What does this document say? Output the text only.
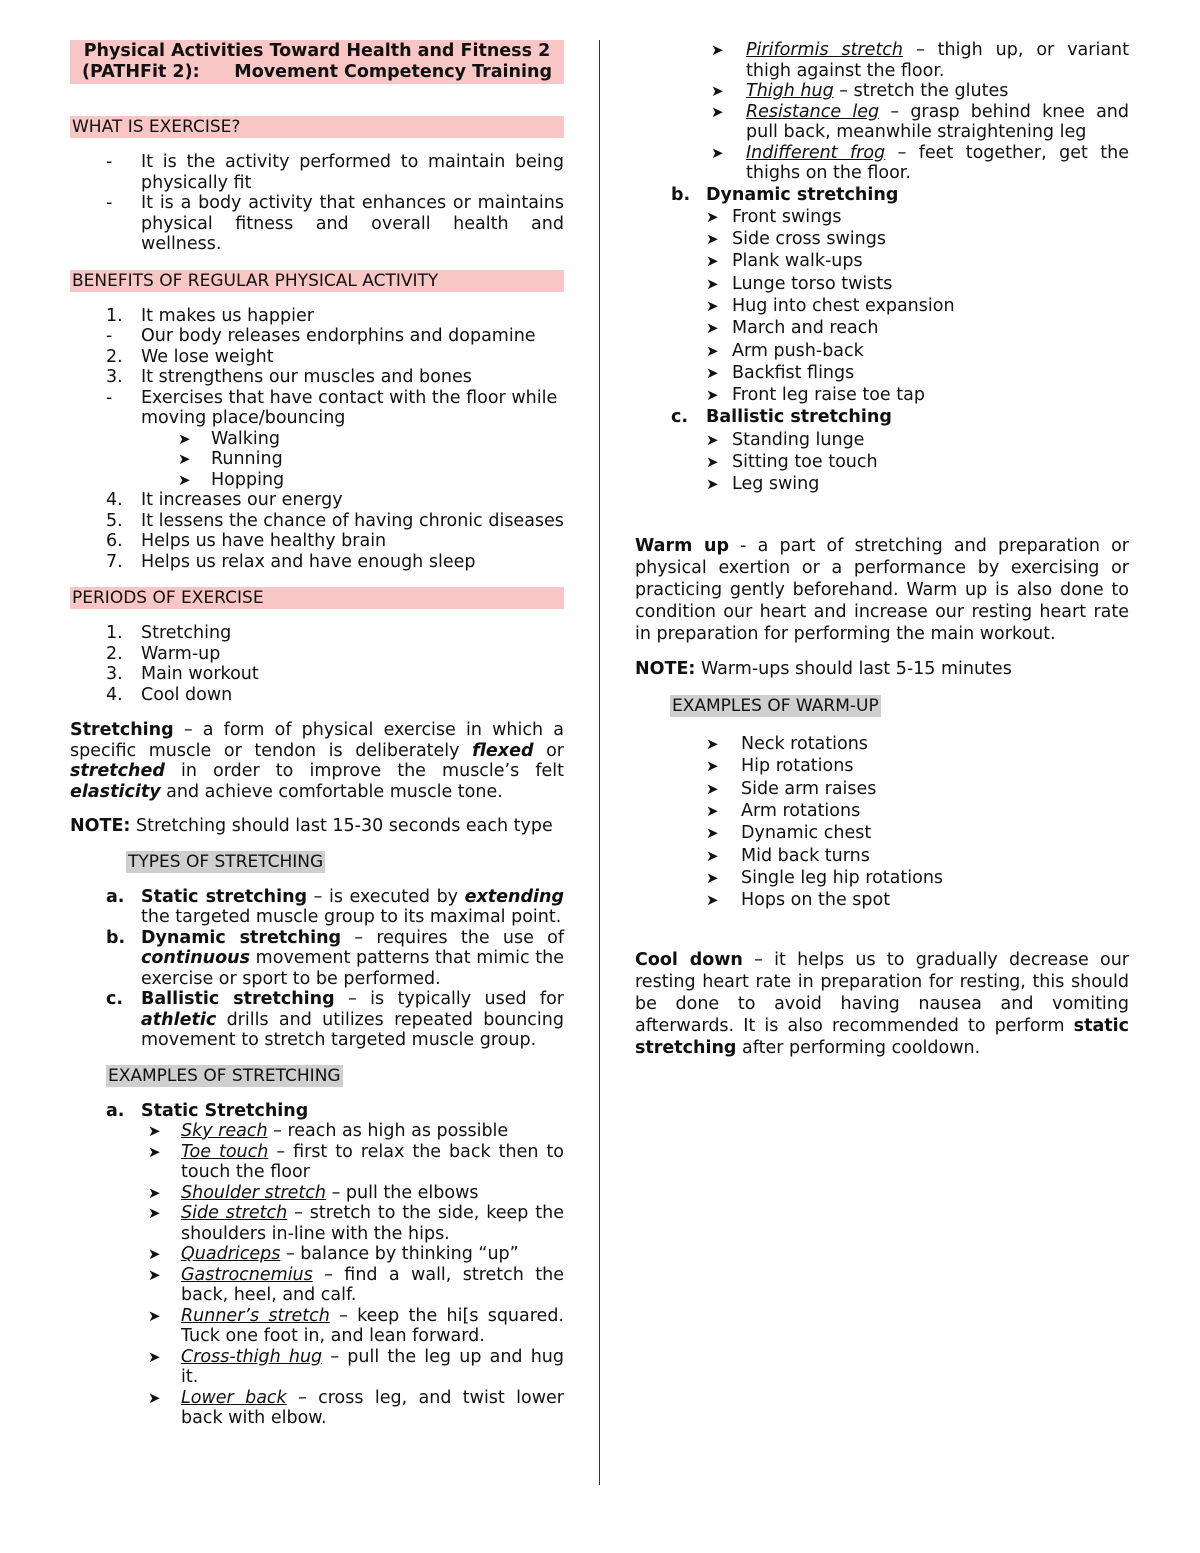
Physical Activities Toward Health and Fitness 2
(PATHFit 2): Movement Competency Training
WHAT IS EXERCISE?
-	It is the activity performed to maintain being physically fit
-	It is a body activity that enhances or maintains physical fitness and overall health and wellness.
BENEFITS OF REGULAR PHYSICAL ACTIVITY
1.	It makes us happier
-	Our body releases endorphins and dopamine
2.	We lose weight
3.	It strengthens our muscles and bones
-	Exercises that have contact with the floor while moving place/bouncing
➤	Walking
➤	Running
➤	Hopping
4.	It increases our energy
5.	It lessens the chance of having chronic diseases
6.	Helps us have healthy brain
7.	Helps us relax and have enough sleep
PERIODS OF EXERCISE
1.	Stretching
2.	Warm-up
3.	Main workout
4.	Cool down

Stretching – a form of physical exercise in which a specific muscle or tendon is deliberately flexed or stretched in order to improve the muscle’s felt elasticity and achieve comfortable muscle tone.

NOTE: Stretching should last 15-30 seconds each type

TYPES OF STRETCHING
a. Static stretching – is executed by extending the targeted muscle group to its maximal point.
b. Dynamic stretching – requires the use of continuous movement patterns that mimic the exercise or sport to be performed.
c.	Ballistic stretching – is typically used for athletic drills and utilizes repeated bouncing movement to stretch targeted muscle group.
EXAMPLES OF STRETCHING
a. Static Stretching
➤	Sky reach – reach as high as possible
➤	Toe touch – first to relax the back then to touch the floor
➤	Shoulder stretch – pull the elbows
➤	Side stretch – stretch to the side, keep the shoulders in-line with the hips.
➤	Quadriceps – balance by thinking “up”
➤	Gastrocnemius – find a wall, stretch the back, heel, and calf.
➤	Runner’s stretch – keep the hi[s squared. Tuck one foot in, and lean forward.
➤	Cross-thigh hug – pull the leg up and hug it.
➤	Lower back – cross leg, and twist lower back with elbow.
➤	Piriformis stretch – thigh up, or variant thigh against the floor.
➤	Thigh hug – stretch the glutes
➤	Resistance leg – grasp behind knee and pull back, meanwhile straightening leg
➤	Indifferent frog – feet together, get the thighs on the floor.
b. Dynamic stretching
➤ Front swings
➤ Side cross swings
➤ Plank walk-ups
➤ Lunge torso twists
➤ Hug into chest expansion
➤ March and reach
➤ Arm push-back
➤ Backfist flings
➤ Front leg raise toe tap
c.	Ballistic stretching
➤ Standing lunge
➤ Sitting toe touch
➤ Leg swing

Warm up - a part of stretching and preparation or physical exertion or a performance by exercising or practicing gently beforehand. Warm up is also done to condition our heart and increase our resting heart rate in preparation for performing the main workout.

NOTE: Warm-ups should last 5-15 minutes

EXAMPLES OF WARM-UP
➤	Neck rotations
➤	Hip rotations
➤	Side arm raises
➤	Arm rotations
➤	Dynamic chest
➤	Mid back turns
➤	Single leg hip rotations
➤	Hops on the spot

Cool down – it helps us to gradually decrease our resting heart rate in preparation for resting, this should be done to avoid having nausea and vomiting afterwards. It is also recommended to perform static stretching after performing cooldown.
